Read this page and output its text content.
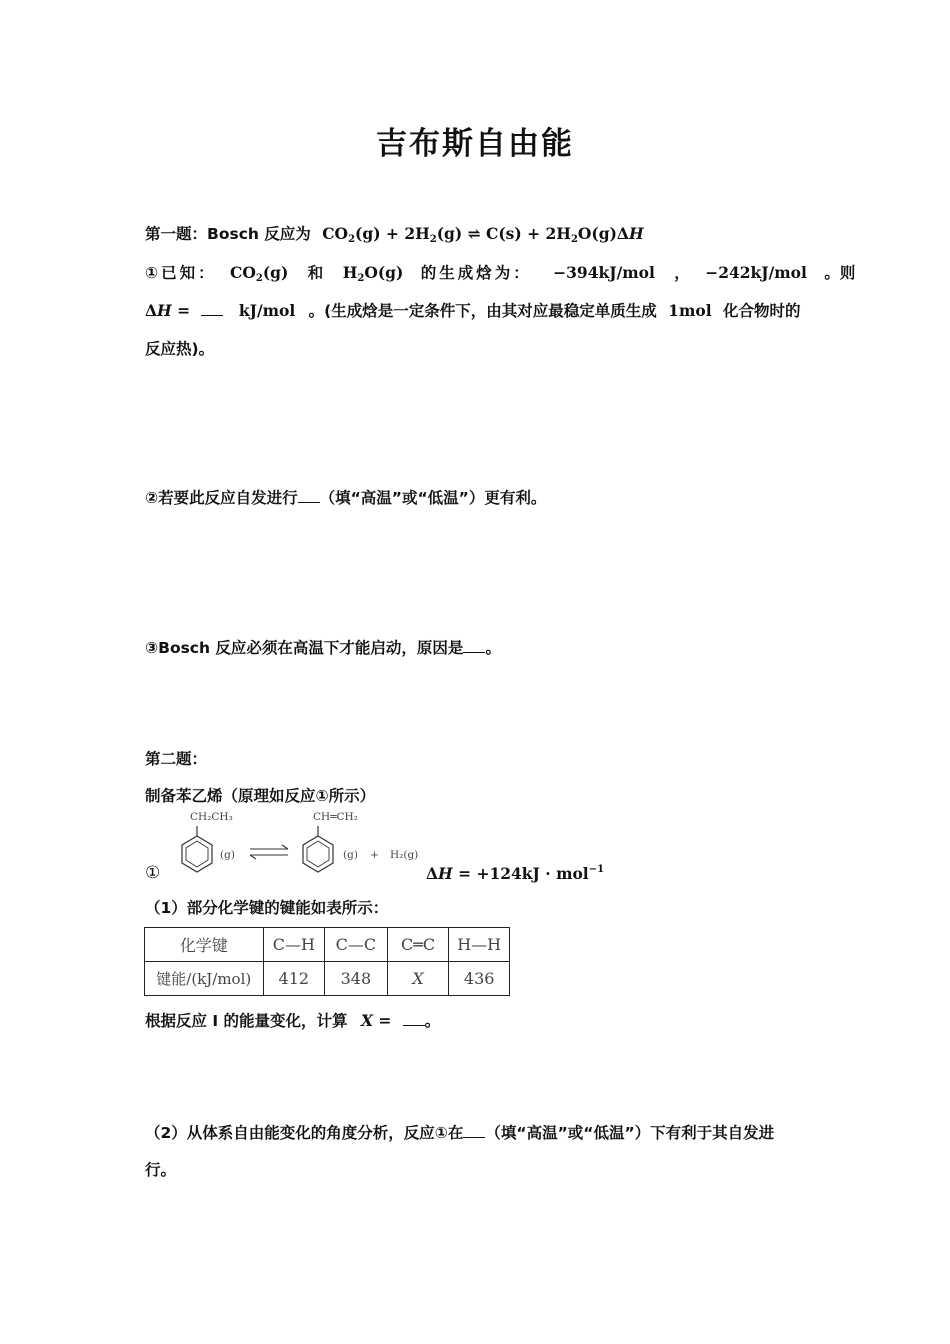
吉布斯自由能
第一题：Bosch 反应为 $CO_2(g) + 2H_2(g)$ ⇌ $C(s) + 2H_2O(g)\Delta H$
①已知： $CO_2(g)$ 和 $H_2O(g)$ 的生成焓为： −394kJ/mol ， −242kJ/mol 。则
ΔH =	kJ/mol 。(生成焓是一定条件下，由其对应最稳定单质生成 1mol 化合物时的
反应热)。
②若要此反应自发进行 （填“高温”或“低温”）更有利。
③Bosch 反应必须在高温下才能启动，原因是 。
第二题：
制备苯乙烯（原理如反应①所示）
①
CH₂CH₃
(g)
CH═CH₂
(g) + H₂(g)
ΔH = +124kJ · mol$^{-1}$
（1）部分化学键的键能如表所示：
化学键	C—H	C—C	C═C	H—H
键能/(kJ/mol)	412	348	X	436
根据反应 I 的能量变化，计算 X = 。
（2）从体系自由能变化的角度分析，反应①在 （填“高温”或“低温”）下有利于其自发进
行。
